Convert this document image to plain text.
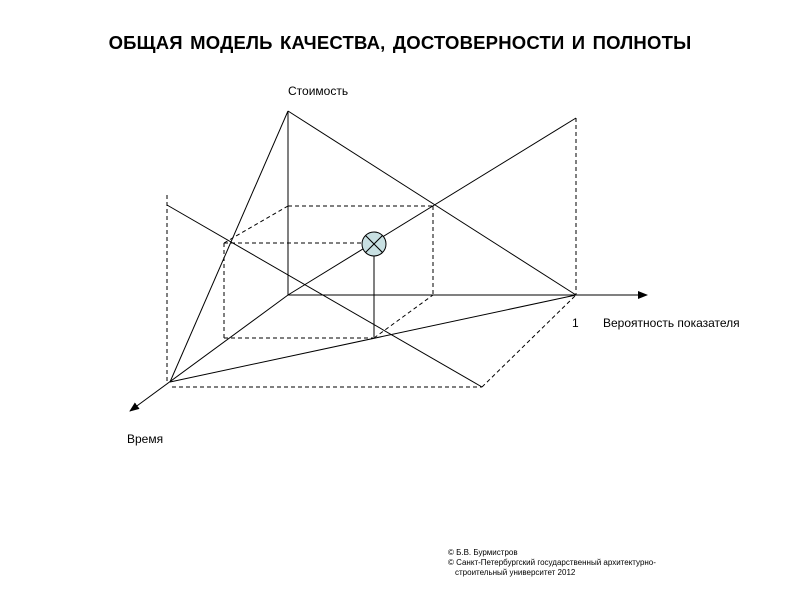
ОБЩАЯ МОДЕЛЬ КАЧЕСТВА, ДОСТОВЕРНОСТИ И ПОЛНОТЫ
Стоимость
1 Вероятность показателя
Время
© Б.В. Бурмистров
© Санкт-Петербургский государственный архитектурно-
строительный университет 2012
